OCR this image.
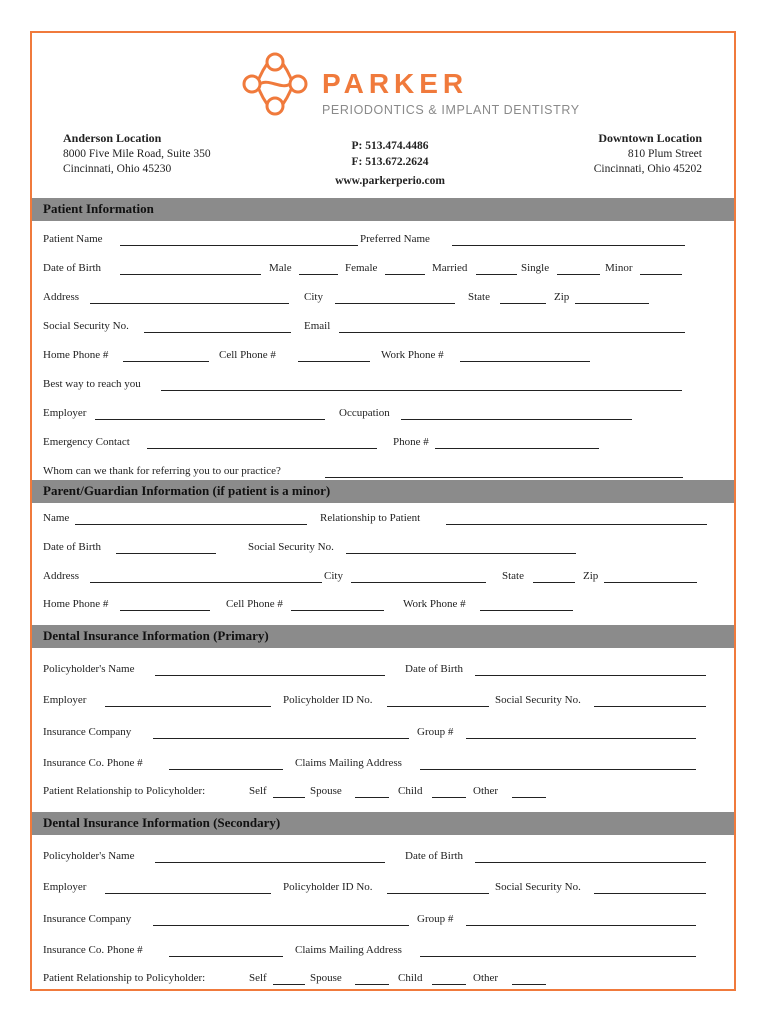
PARKER
PERIODONTICS & IMPLANT DENTISTRY
Anderson Location
8000 Five Mile Road, Suite 350
Cincinnati, Ohio 45230
P: 513.474.4486
F: 513.672.2624
www.parkerperio.com
Downtown Location
810 Plum Street
Cincinnati, Ohio 45202
Patient Information
Patient Name	Preferred Name
Date of Birth	Male	Female	Married	Single	Minor
Address	City	State	Zip
Social Security No.	Email
Home Phone #	Cell Phone #	Work Phone #
Best way to reach you
Employer	Occupation
Emergency Contact	Phone #
Whom can we thank for referring you to our practice?
Parent/Guardian Information (if patient is a minor)
Name	Relationship to Patient
Date of Birth	Social Security No.
Address	City	State	Zip
Home Phone #	Cell Phone #	Work Phone #
Dental Insurance Information (Primary)
Policyholder's Name	Date of Birth
Employer	Policyholder ID No.	Social Security No.
Insurance Company	Group #
Insurance Co. Phone #	Claims Mailing Address
Patient Relationship to Policyholder:	Self	Spouse	Child	Other
Dental Insurance Information (Secondary)
Policyholder's Name	Date of Birth
Employer	Policyholder ID No.	Social Security No.
Insurance Company	Group #
Insurance Co. Phone #	Claims Mailing Address
Patient Relationship to Policyholder:	Self	Spouse	Child	Other
